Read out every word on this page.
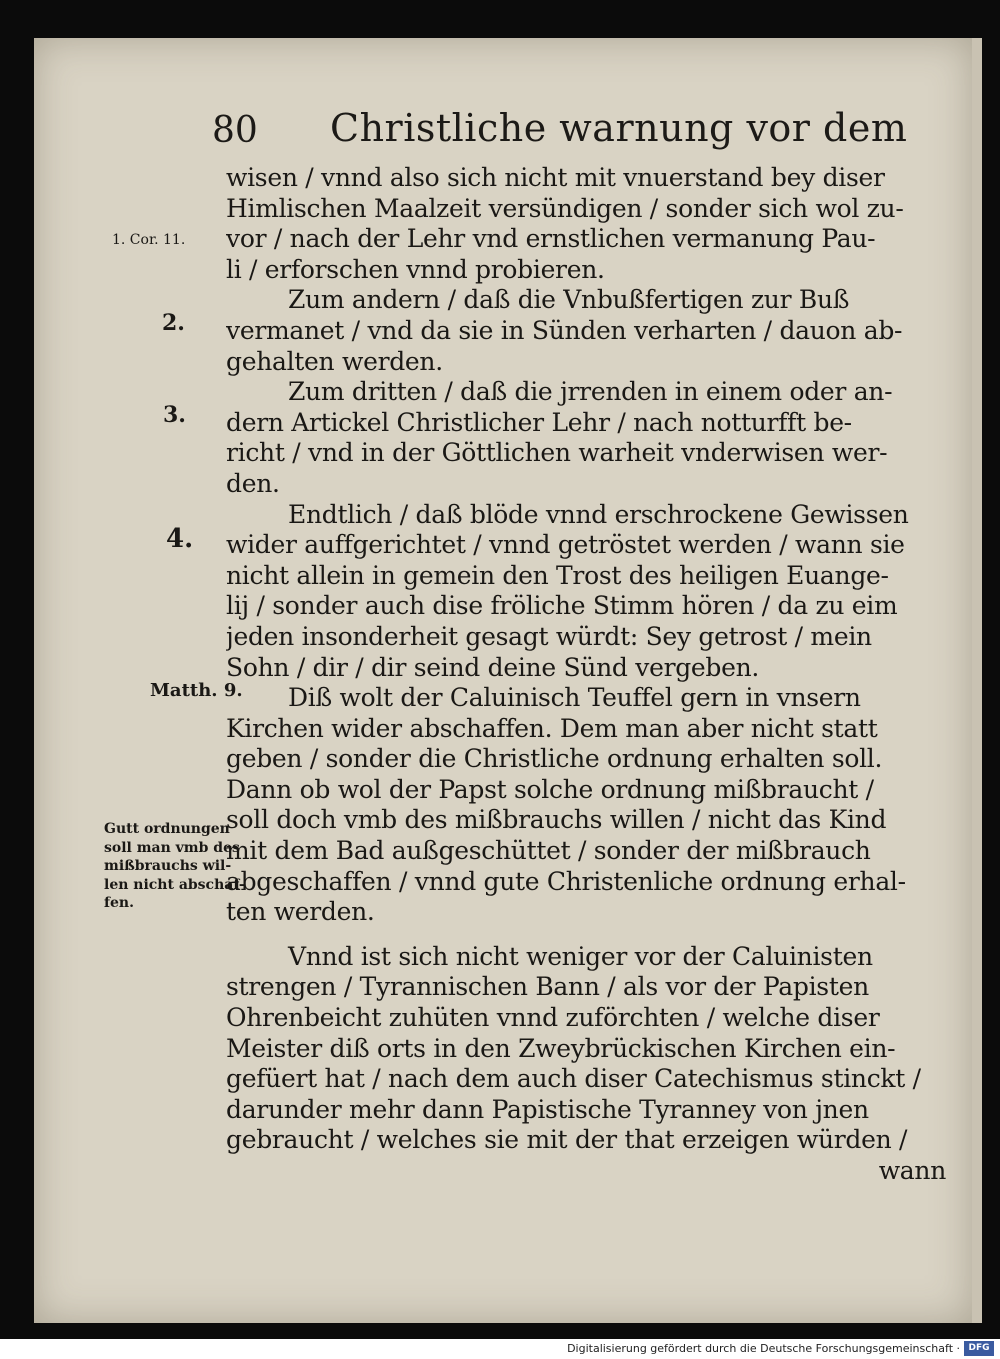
80 Christliche warnung vor dem
1. Cor. 11.
2.
3.
4.
Matth. 9.
Gutt ordnungen
soll man vmb des
mißbrauchs wil-
len nicht abschaf-
fen.
wisen / vnnd also sich nicht mit vnuerstand bey diser
Himlischen Maalzeit versündigen / sonder sich wol zu-
vor / nach der Lehr vnd ernstlichen vermanung Pau-
li / erforschen vnnd probieren.
Zum andern / daß die Vnbußfertigen zur Buß
vermanet / vnd da sie in Sünden verharten / dauon ab-
gehalten werden.
Zum dritten / daß die jrrenden in einem oder an-
dern Artickel Christlicher Lehr / nach notturfft be-
richt / vnd in der Göttlichen warheit vnderwisen wer-
den.
Endtlich / daß blöde vnnd erschrockene Gewissen
wider auffgerichtet / vnnd getröstet werden / wann sie
nicht allein in gemein den Trost des heiligen Euange-
lij / sonder auch dise fröliche Stimm hören / da zu eim
jeden insonderheit gesagt würdt: Sey getrost / mein
Sohn / dir / dir seind deine Sünd vergeben.
Diß wolt der Caluinisch Teuffel gern in vnsern
Kirchen wider abschaffen. Dem man aber nicht statt
geben / sonder die Christliche ordnung erhalten soll.
Dann ob wol der Papst solche ordnung mißbraucht /
soll doch vmb des mißbrauchs willen / nicht das Kind
mit dem Bad außgeschüttet / sonder der mißbrauch
abgeschaffen / vnnd gute Christenliche ordnung erhal-
ten werden.
Vnnd ist sich nicht weniger vor der Caluinisten
strengen / Tyrannischen Bann / als vor der Papisten
Ohrenbeicht zuhüten vnnd zuförchten / welche diser
Meister diß orts in den Zweybrückischen Kirchen ein-
gefüert hat / nach dem auch diser Catechismus stinckt /
darunder mehr dann Papistische Tyranney von jnen
gebraucht / welches sie mit der that erzeigen würden /
wann
Digitalisierung gefördert durch die Deutsche Forschungsgemeinschaft · DFG
